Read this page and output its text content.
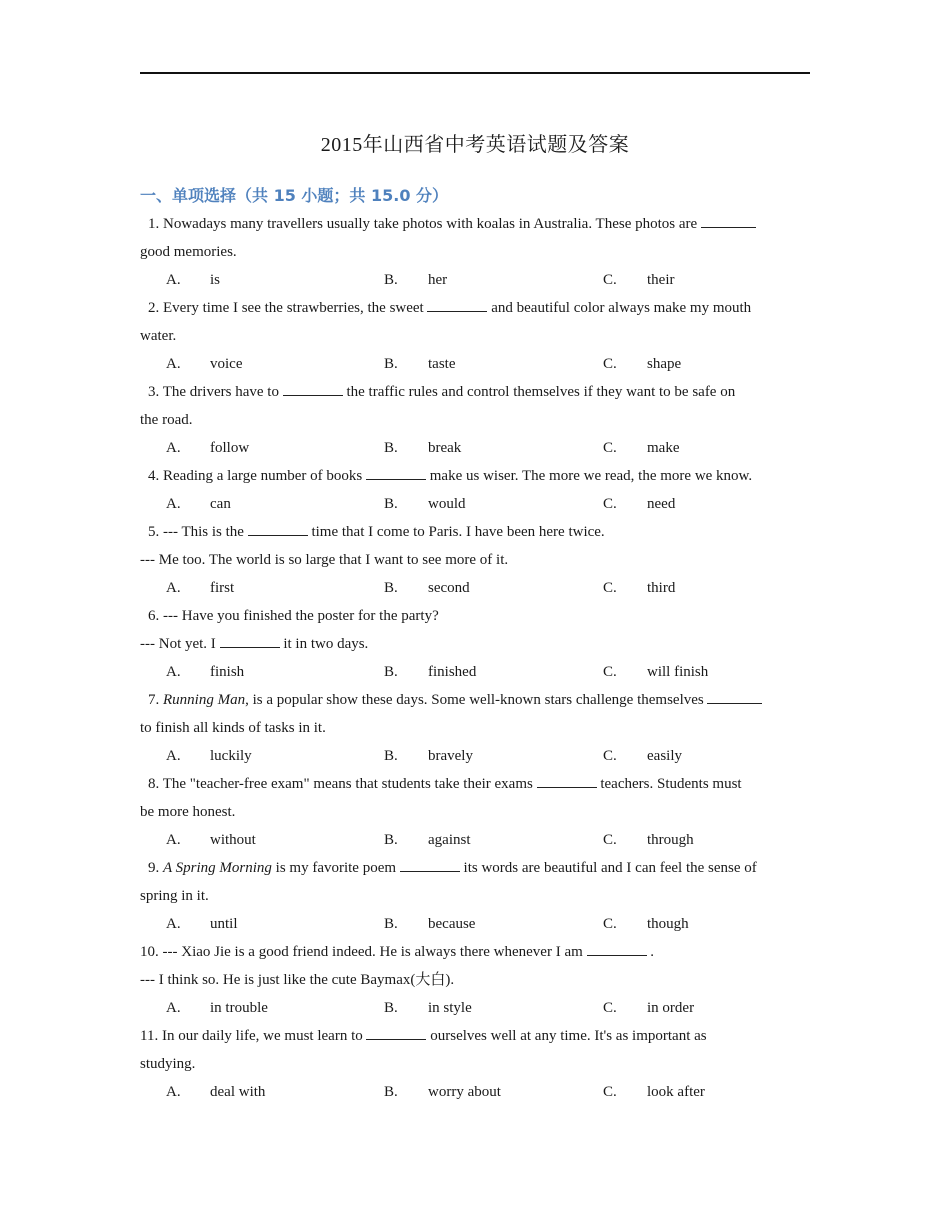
2015年山西省中考英语试题及答案
一、单项选择（共 15 小题；共 15.0 分）
1. Nowadays many travellers usually take photos with koalas in Australia. These photos are
good memories.
A. is	B. her	C. their
2. Every time I see the strawberries, the sweet	and beautiful color always make my mouth
water.
A. voice	B. taste	C. shape
3. The drivers have to	the traffic rules and control themselves if they want to be safe on
the road.
A. follow	B. break	C. make
4. Reading a large number of books	make us wiser. The more we read, the more we know.
A. can	B. would	C. need
5. --- This is the	time that I come to Paris. I have been here twice.
--- Me too. The world is so large that I want to see more of it.
A. first	B. second	C. third
6. --- Have you finished the poster for the party?
--- Not yet. I	it in two days.
A. finish	B. finished	C. will finish
7. Running Man, is a popular show these days. Some well-known stars challenge themselves
to finish all kinds of tasks in it.
A. luckily	B. bravely	C. easily
8. The "teacher-free exam" means that students take their exams	teachers. Students must
be more honest.
A. without	B. against	C. through
9. A Spring Morning is my favorite poem	its words are beautiful and I can feel the sense of
spring in it.
A. until	B. because	C. though
10. --- Xiao Jie is a good friend indeed. He is always there whenever I am	.
--- I think so. He is just like the cute Baymax(大白).
A. in trouble	B. in style	C. in order
11. In our daily life, we must learn to	ourselves well at any time. It's as important as
studying.
A. deal with	B. worry about	C. look after
